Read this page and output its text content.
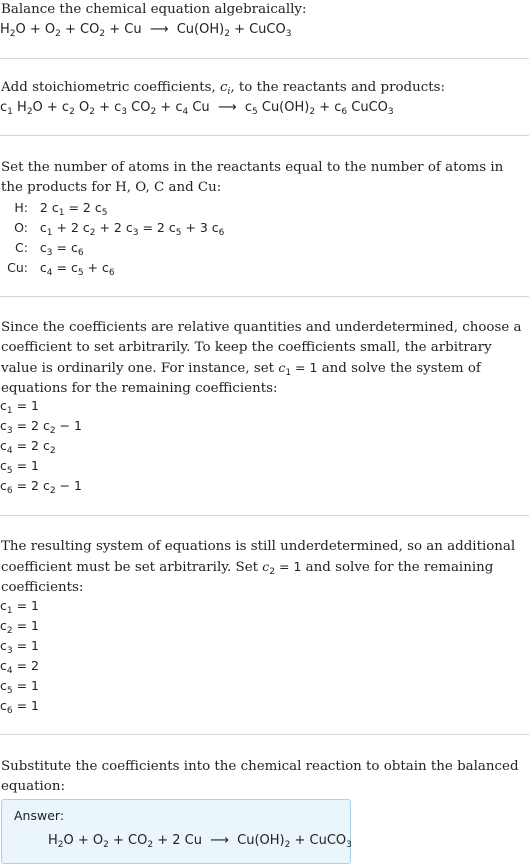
Balance the chemical equation algebraically:

$H_2O + O_2 + CO_2 + Cu$  ⟶  $Cu(OH)_2$ + CuCO$_3$

Add stoichiometric coefficients, $c_i$, to the reactants and products:

$c_1$ $H_2O + c_2$ $O_2 + c_3$ $CO_2 + c_4$ Cu  ⟶  $c_5$ $Cu(OH)_2 + c_6$ CuCO$_3$

Set the number of atoms in the reactants equal to the number of atoms in the products for H, O, C and Cu:

H:   2 $c_1 = 2$ $c_5$
O:   $c_1 + 2$ $c_2 + 2$ $c_3 = 2$ $c_5 + 3$ $c_6$
C:   $c_3 = c_6$
Cu:   $c_4 = c_5 + c_6$

Since the coefficients are relative quantities and underdetermined, choose a coefficient to set arbitrarily. To keep the coefficients small, the arbitrary value is ordinarily one. For instance, set $c_1 = 1$ and solve the system of equations for the remaining coefficients:

$c_1 = 1$
$c_3 = 2$ $c_2 - 1$
$c_4 = 2$ $c_2$
$c_5 = 1$
$c_6 = 2$ $c_2 - 1$

The resulting system of equations is still underdetermined, so an additional coefficient must be set arbitrarily. Set $c_2 = 1$ and solve for the remaining coefficients:

$c_1 = 1$
$c_2 = 1$
$c_3 = 1$
$c_4 = 2$
$c_5 = 1$
$c_6 = 1$

Substitute the coefficients into the chemical reaction to obtain the balanced equation:

Answer:
$H_2O + O_2 + CO_2 + 2$ Cu  ⟶  $Cu(OH)_2$ + CuCO$_3$
